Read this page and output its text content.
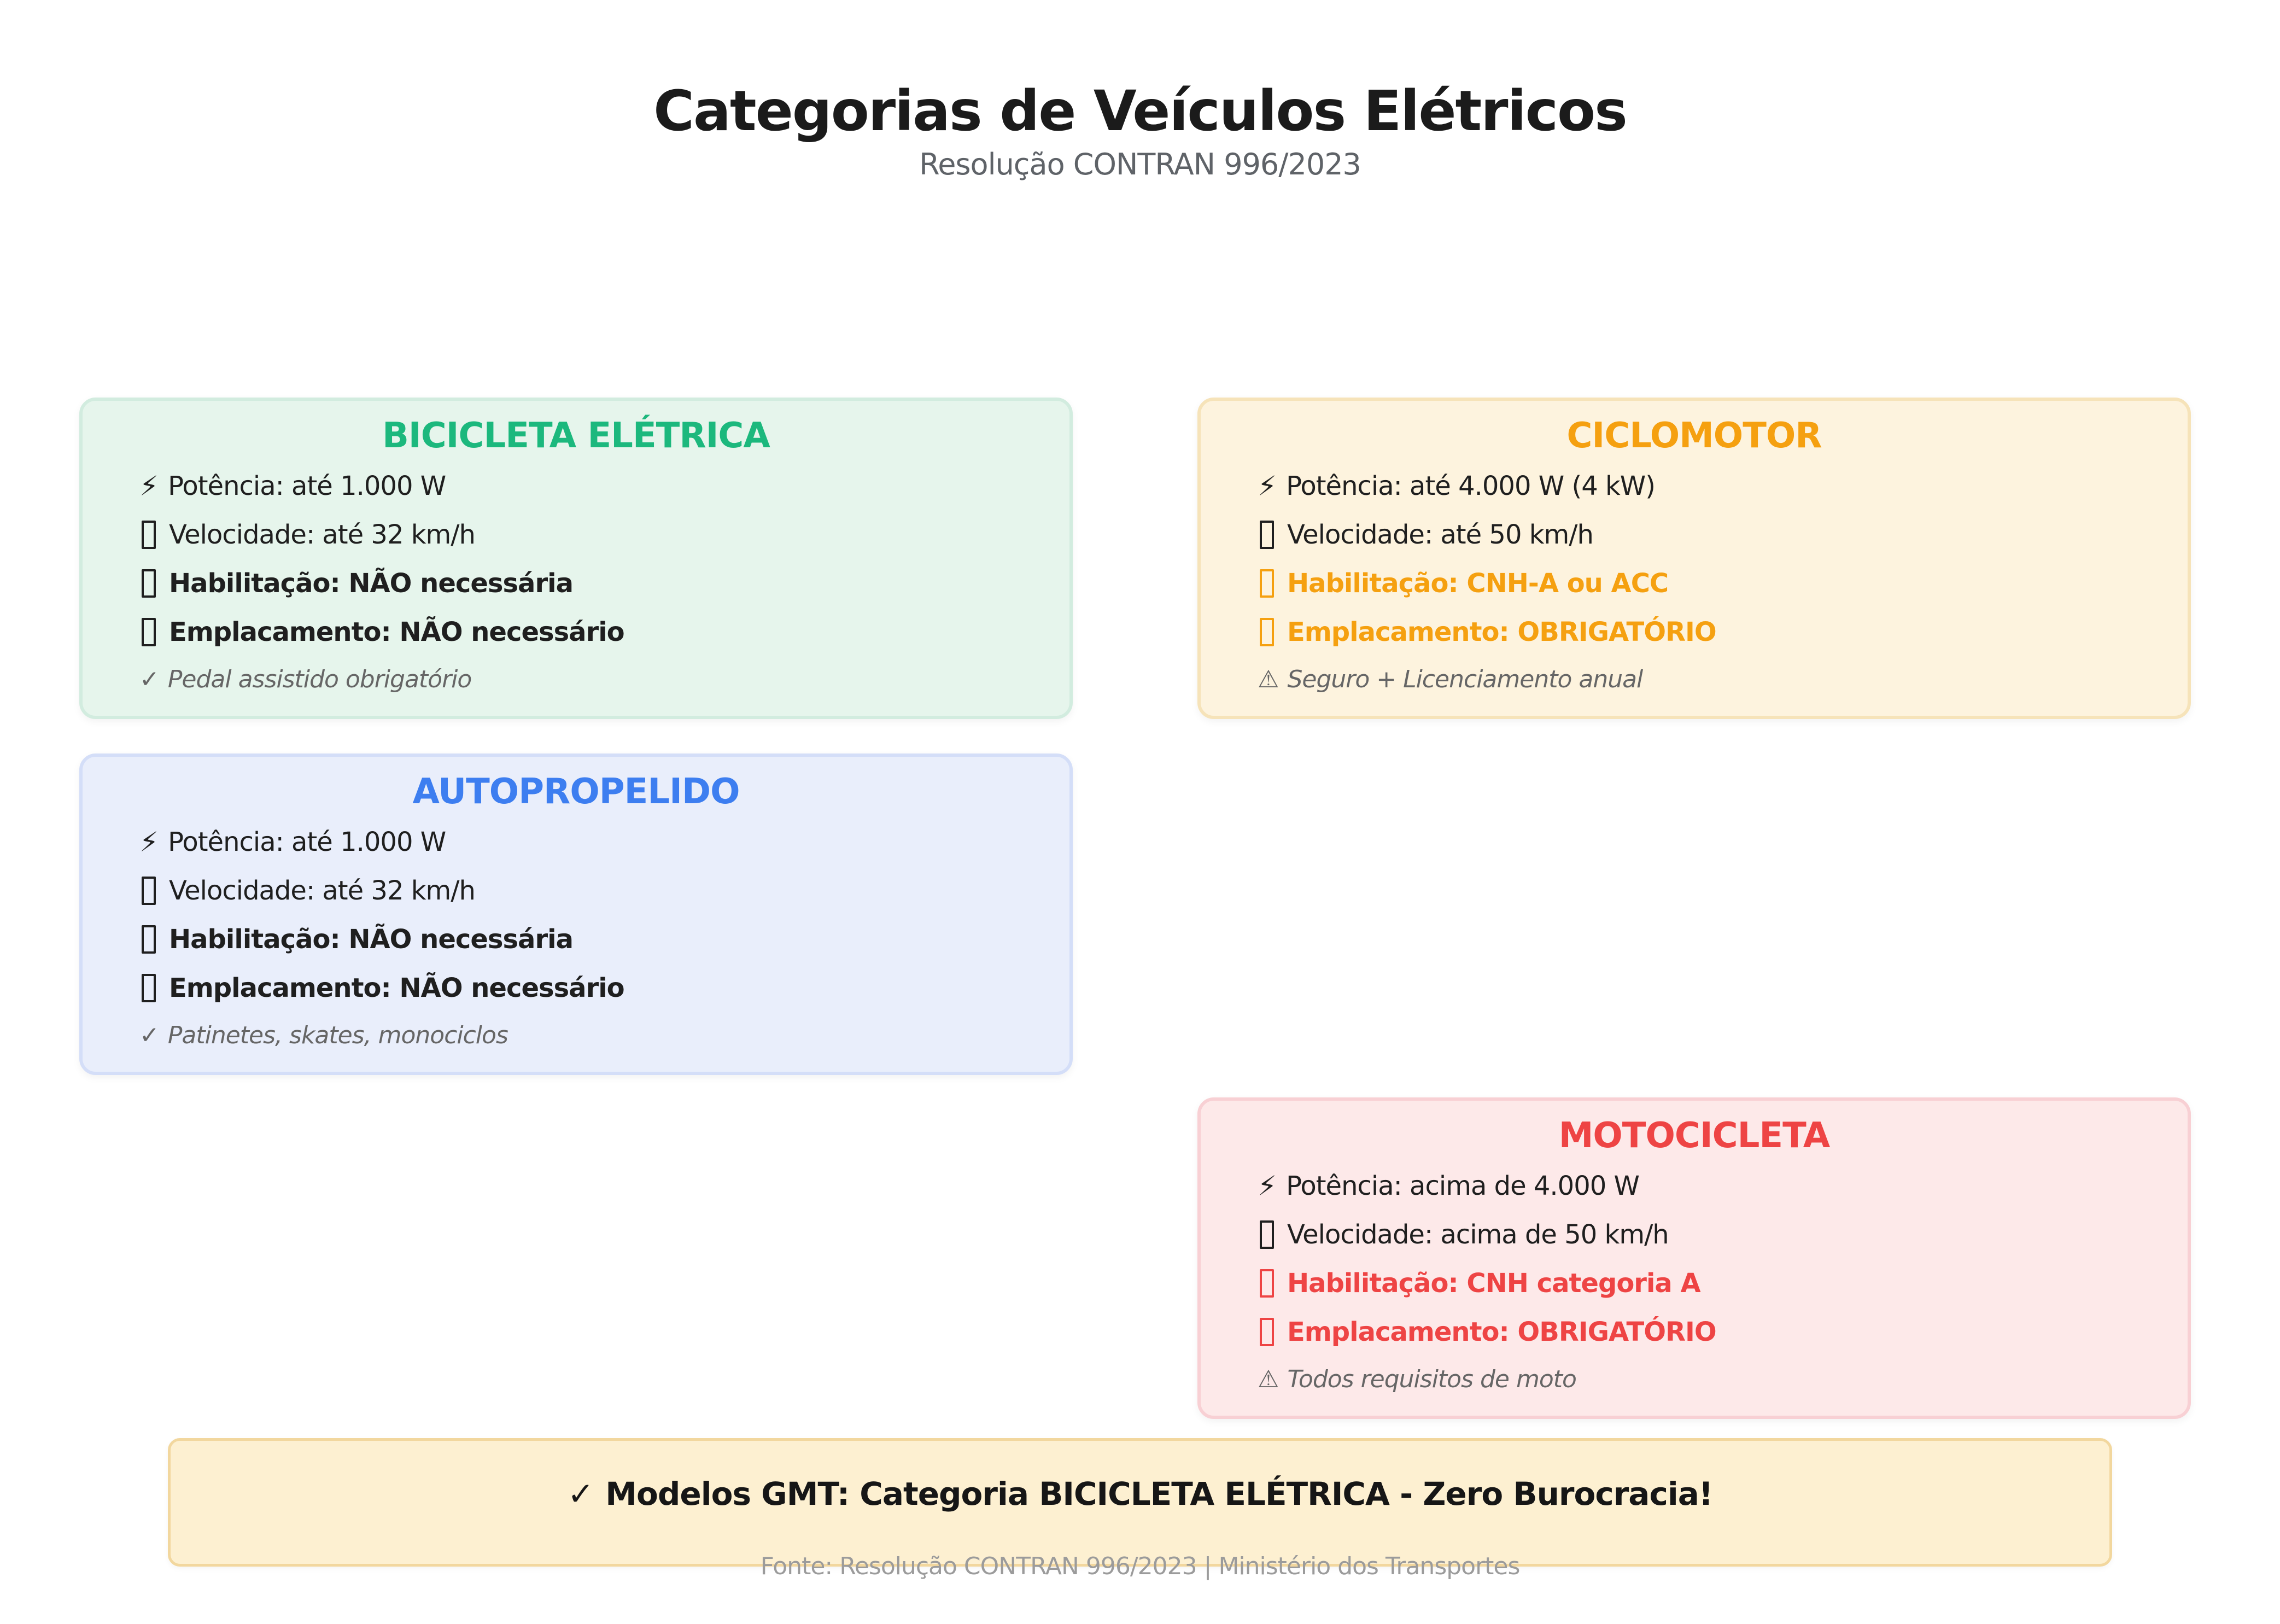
Categorias de Veículos Elétricos
Resolução CONTRAN 996/2023
BICICLETA ELÉTRICA
⚡ Potência: até 1.000 W
Velocidade: até 32 km/h
Habilitação: NÃO necessária
Emplacamento: NÃO necessário
✓ Pedal assistido obrigatório
CICLOMOTOR
⚡ Potência: até 4.000 W (4 kW)
Velocidade: até 50 km/h
Habilitação: CNH-A ou ACC
Emplacamento: OBRIGATÓRIO
⚠ Seguro + Licenciamento anual
AUTOPROPELIDO
⚡ Potência: até 1.000 W
Velocidade: até 32 km/h
Habilitação: NÃO necessária
Emplacamento: NÃO necessário
✓ Patinetes, skates, monociclos
MOTOCICLETA
⚡ Potência: acima de 4.000 W
Velocidade: acima de 50 km/h
Habilitação: CNH categoria A
Emplacamento: OBRIGATÓRIO
⚠ Todos requisitos de moto
✓ Modelos GMT: Categoria BICICLETA ELÉTRICA - Zero Burocracia!
Fonte: Resolução CONTRAN 996/2023 | Ministério dos Transportes
